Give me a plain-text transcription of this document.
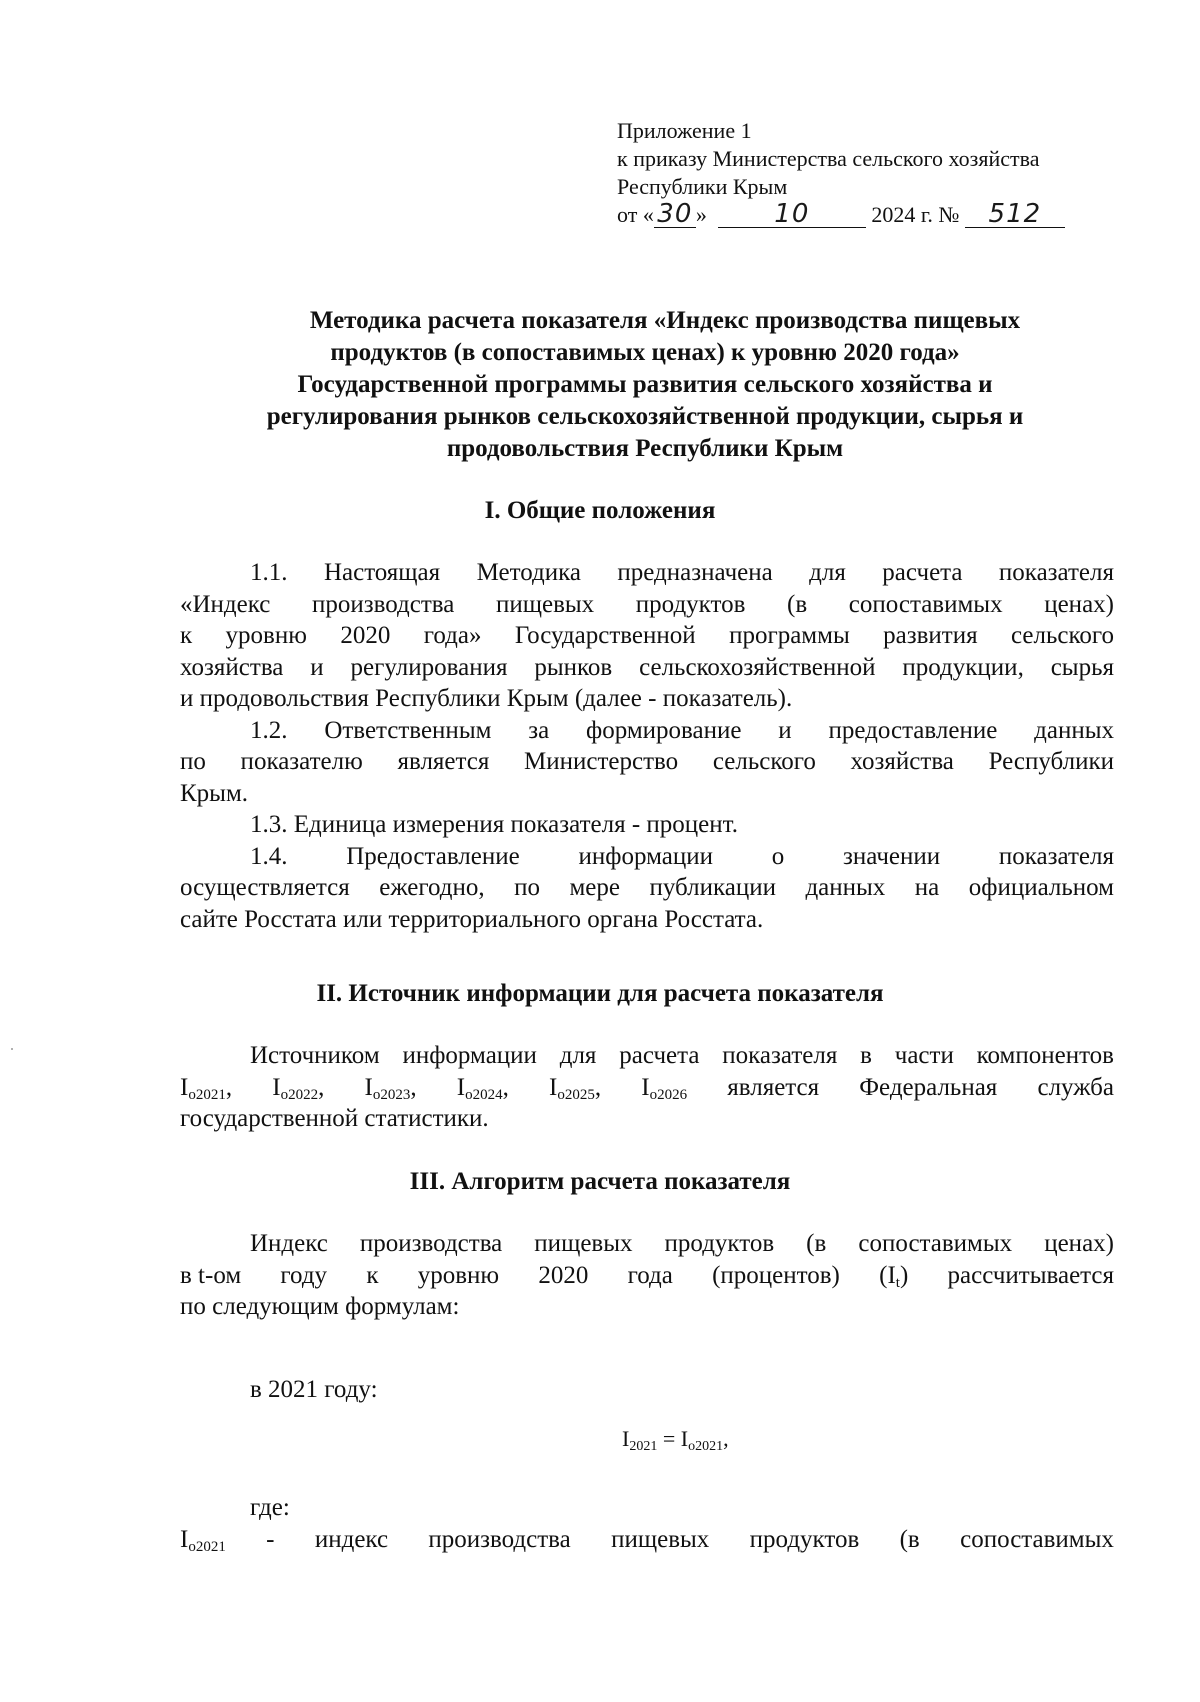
Приложение 1
к приказу Министерства сельского хозяйства
Республики Крым
от « 30 »	10	2024 г. № 512
Методика расчета показателя «Индекс производства пищевых
продуктов (в сопоставимых ценах) к уровню 2020 года»
Государственной программы развития сельского хозяйства и
регулирования рынков сельскохозяйственной продукции, сырья и
продовольствия Республики Крым
I. Общие положения
1.1. Настоящая Методика предназначена для расчета показателя
«Индекс производства пищевых продуктов (в сопоставимых ценах)
к уровню 2020 года» Государственной программы развития сельского
хозяйства и регулирования рынков сельскохозяйственной продукции, сырья
и продовольствия Республики Крым (далее - показатель).
1.2. Ответственным за формирование и предоставление данных
по показателю является Министерство сельского хозяйства Республики
Крым.
1.3. Единица измерения показателя - процент.
1.4. Предоставление информации о значении показателя
осуществляется ежегодно, по мере публикации данных на официальном
сайте Росстата или территориального органа Росстата.
II. Источник информации для расчета показателя
Источником информации для расчета показателя в части компонентов
$I_{o2021}$, $I_{o2022}$, $I_{o2023}$, $I_{o2024}$, $I_{o2025}$, $I_{o2026}$ является Федеральная служба
государственной статистики.
III. Алгоритм расчета показателя
Индекс производства пищевых продуктов (в сопоставимых ценах)
в t-ом году к уровню 2020 года (процентов) $(I_t)$ рассчитывается
по следующим формулам:
в 2021 году:
$I_{2021} = I_{o2021}$,
где:
$I_{o2021}$ - индекс производства пищевых продуктов (в сопоставимых
